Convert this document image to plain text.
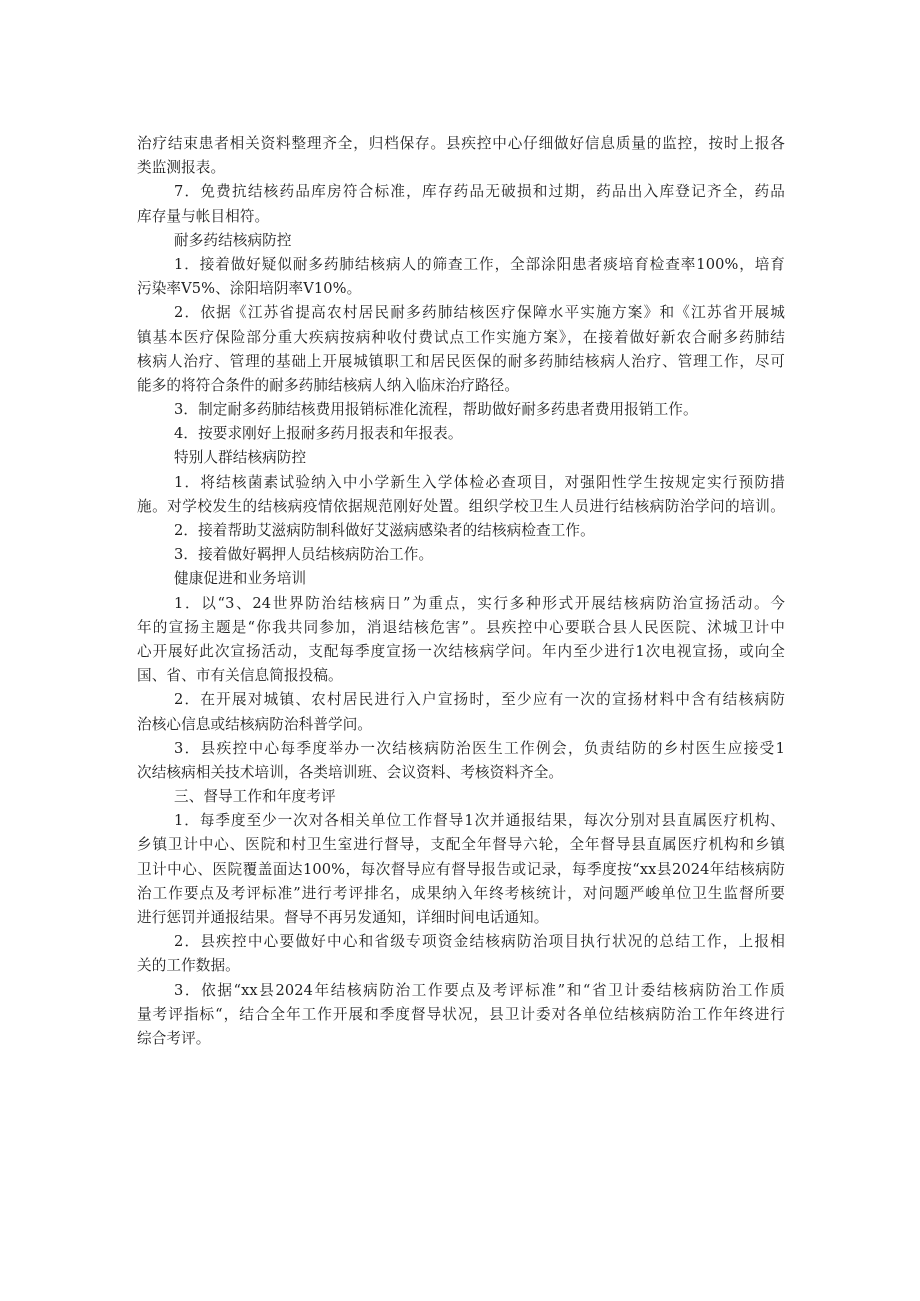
治疗结束患者相关资料整理齐全，归档保存。县疾控中心仔细做好信息质量的监控，按时上报各
类监测报表。
7．免费抗结核药品库房符合标准，库存药品无破损和过期，药品出入库登记齐全，药品
库存量与帐目相符。
耐多药结核病防控
1．接着做好疑似耐多药肺结核病人的筛查工作，全部涂阳患者痰培育检查率100%，培育
污染率V5%、涂阳培阴率V10%。
2．依据《江苏省提高农村居民耐多药肺结核医疗保障水平实施方案》和《江苏省开展城
镇基本医疗保险部分重大疾病按病种收付费试点工作实施方案》，在接着做好新农合耐多药肺结
核病人治疗、管理的基础上开展城镇职工和居民医保的耐多药肺结核病人治疗、管理工作，尽可
能多的将符合条件的耐多药肺结核病人纳入临床治疗路径。
3．制定耐多药肺结核费用报销标准化流程，帮助做好耐多药患者费用报销工作。
4．按要求刚好上报耐多药月报表和年报表。
特别人群结核病防控
1．将结核菌素试验纳入中小学新生入学体检必查项目，对强阳性学生按规定实行预防措
施。对学校发生的结核病疫情依据规范刚好处置。组织学校卫生人员进行结核病防治学问的培训。
2．接着帮助艾滋病防制科做好艾滋病感染者的结核病检查工作。
3．接着做好羁押人员结核病防治工作。
健康促进和业务培训
1．以“3、24世界防治结核病日”为重点，实行多种形式开展结核病防治宣扬活动。今
年的宣扬主题是“你我共同参加，消退结核危害”。县疾控中心要联合县人民医院、沭城卫计中
心开展好此次宣扬活动，支配每季度宣扬一次结核病学问。年内至少进行1次电视宣扬，或向全
国、省、市有关信息简报投稿。
2．在开展对城镇、农村居民进行入户宣扬时，至少应有一次的宣扬材料中含有结核病防
治核心信息或结核病防治科普学问。
3．县疾控中心每季度举办一次结核病防治医生工作例会，负责结防的乡村医生应接受1
次结核病相关技术培训，各类培训班、会议资料、考核资料齐全。
三、督导工作和年度考评
1．每季度至少一次对各相关单位工作督导1次并通报结果，每次分别对县直属医疗机构、
乡镇卫计中心、医院和村卫生室进行督导，支配全年督导六轮，全年督导县直属医疗机构和乡镇
卫计中心、医院覆盖面达100%，每次督导应有督导报告或记录，每季度按“xx县2024年结核病防
治工作要点及考评标准”进行考评排名，成果纳入年终考核统计，对问题严峻单位卫生监督所要
进行惩罚并通报结果。督导不再另发通知，详细时间电话通知。
2．县疾控中心要做好中心和省级专项资金结核病防治项目执行状况的总结工作，上报相
关的工作数据。
3．依据“xx县2024年结核病防治工作要点及考评标准”和“省卫计委结核病防治工作质
量考评指标“，结合全年工作开展和季度督导状况，县卫计委对各单位结核病防治工作年终进行
综合考评。
